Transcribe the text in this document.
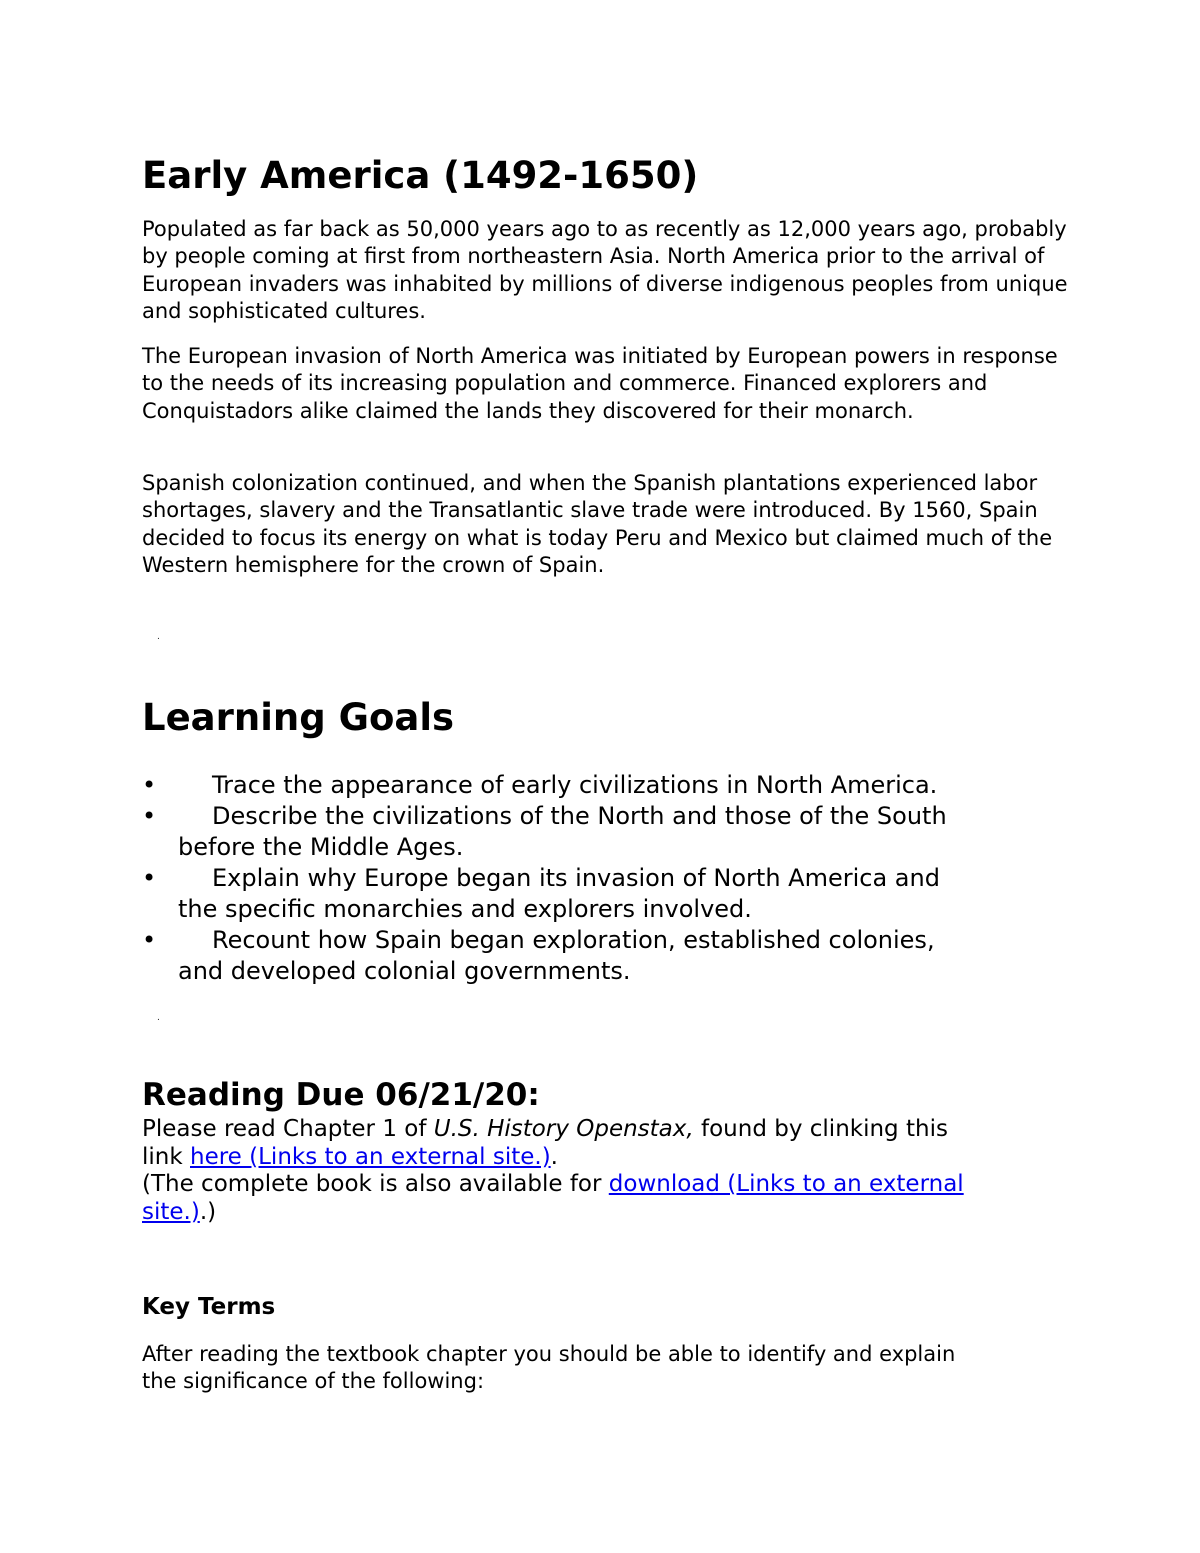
Early America (1492-1650)

Populated as far back as 50,000 years ago to as recently as 12,000 years ago, probably by people coming at first from northeastern Asia. North America prior to the arrival of European invaders was inhabited by millions of diverse indigenous peoples from unique and sophisticated cultures.

The European invasion of North America was initiated by European powers in response to the needs of its increasing population and commerce. Financed explorers and Conquistadors alike claimed the lands they discovered for their monarch.

Spanish colonization continued, and when the Spanish plantations experienced labor shortages, slavery and the Transatlantic slave trade were introduced. By 1560, Spain decided to focus its energy on what is today Peru and Mexico but claimed much of the Western hemisphere for the crown of Spain.

.
Learning Goals
•	Trace the appearance of early civilizations in North America.
•	Describe the civilizations of the North and those of the South
before the Middle Ages.
•	Explain why Europe began its invasion of North America and
the specific monarchies and explorers involved.
•	Recount how Spain began exploration, established colonies,
and developed colonial governments.
.
Reading Due 06/21/20:
Please read Chapter 1 of U.S. History Openstax, found by clinking this
link here (Links to an external site.).
(The complete book is also available for download (Links to an external
site.).)
Key Terms

After reading the textbook chapter you should be able to identify and explain
the significance of the following:
